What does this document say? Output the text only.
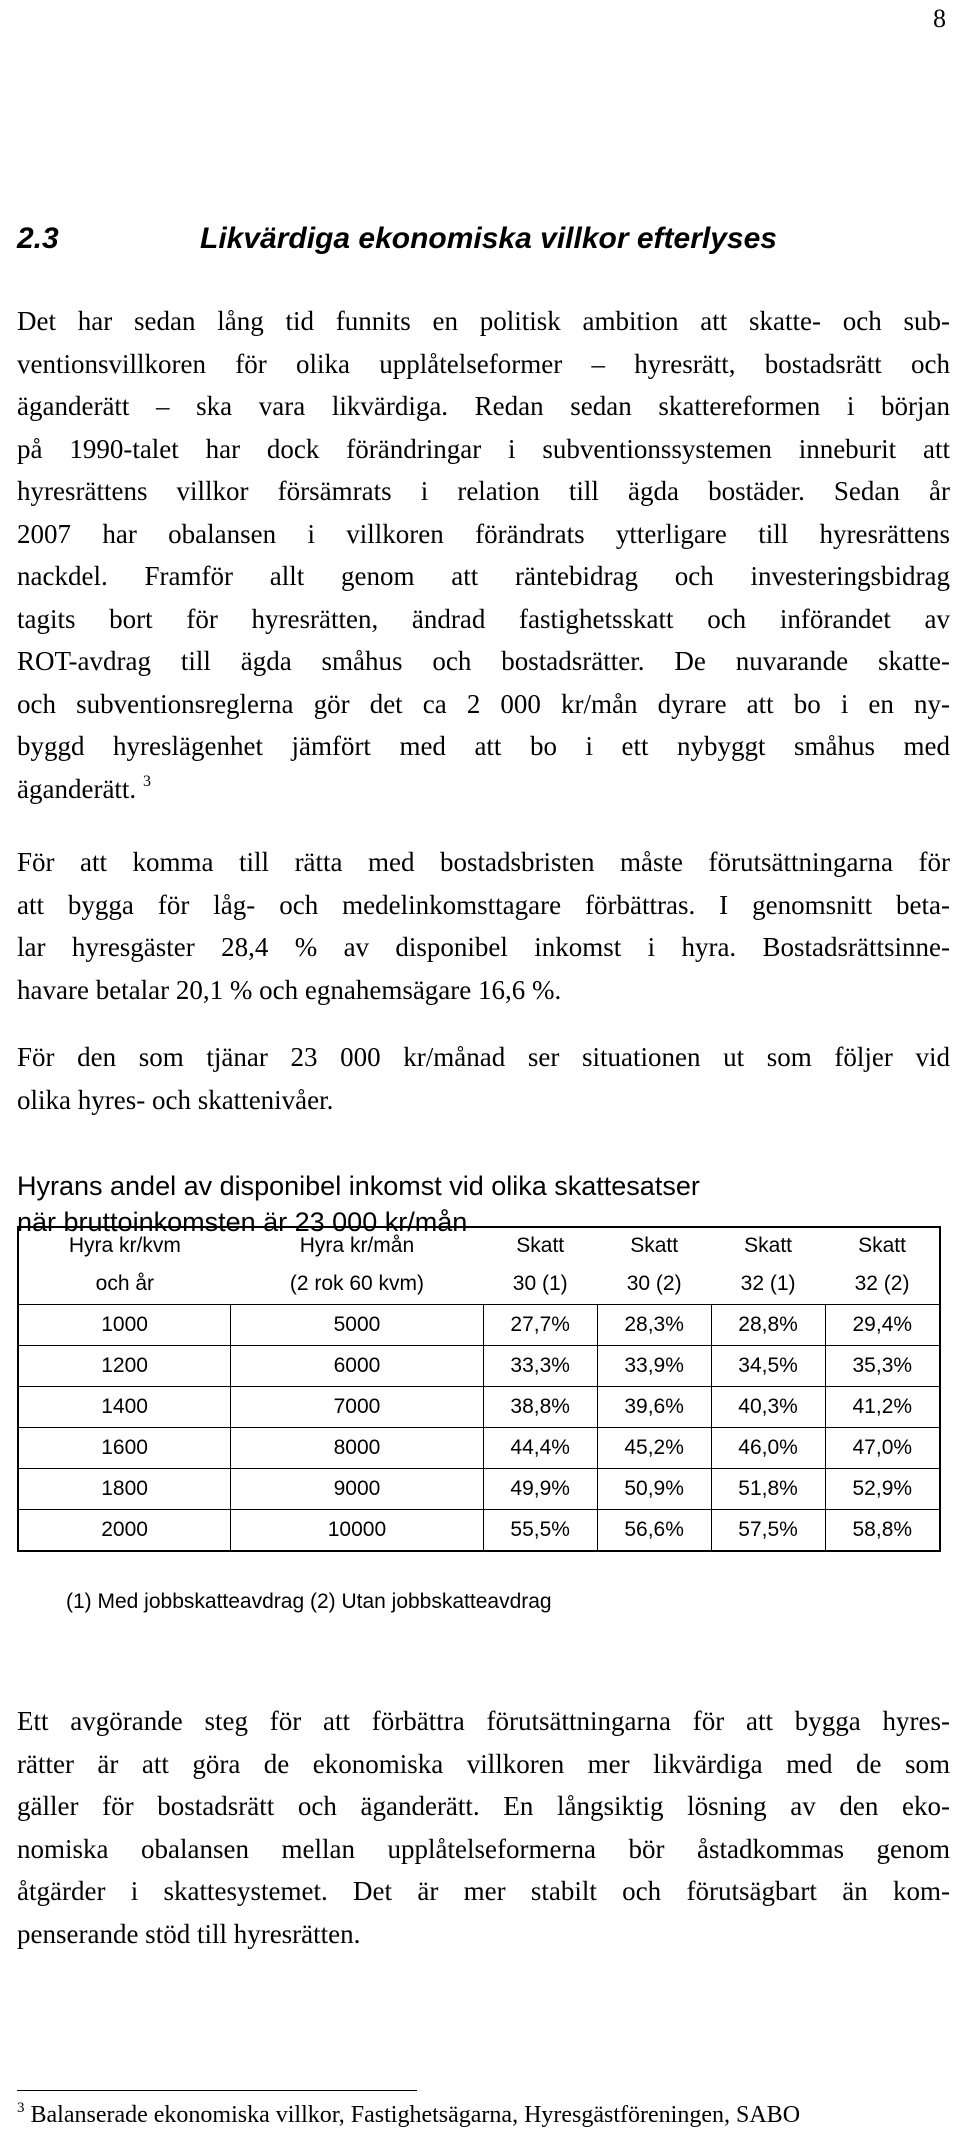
8
2.3	Likvärdiga ekonomiska villkor efterlyses
Det har sedan lång tid funnits en politisk ambition att skatte- och sub-
ventionsvillkoren för olika upplåtelseformer – hyresrätt, bostadsrätt och
äganderätt – ska vara likvärdiga. Redan sedan skattereformen i början
på 1990-talet har dock förändringar i subventionssystemen inneburit att
hyresrättens villkor försämrats i relation till ägda bostäder. Sedan år
2007 har obalansen i villkoren förändrats ytterligare till hyresrättens
nackdel. Framför allt genom att räntebidrag och investeringsbidrag
tagits bort för hyresrätten, ändrad fastighetsskatt och införandet av
ROT-avdrag till ägda småhus och bostadsrätter. De nuvarande skatte-
och subventionsreglerna gör det ca 2 000 kr/mån dyrare att bo i en ny-
byggd hyreslägenhet jämfört med att bo i ett nybyggt småhus med
äganderätt. $^3$
För att komma till rätta med bostadsbristen måste förutsättningarna för
att bygga för låg- och medelinkomsttagare förbättras. I genomsnitt beta-
lar hyresgäster 28,4 % av disponibel inkomst i hyra. Bostadsrättsinne-
havare betalar 20,1 % och egnahemsägare 16,6 %.
För den som tjänar 23 000 kr/månad ser situationen ut som följer vid
olika hyres- och skattenivåer.
Hyrans andel av disponibel inkomst vid olika skattesatser
när bruttoinkomsten är 23 000 kr/mån
Hyra kr/kvm	Hyra kr/mån	Skatt	Skatt	Skatt	Skatt
och år	(2 rok 60 kvm)	30 (1)	30 (2)	32 (1)	32 (2)
1000	5000	27,7%	28,3%	28,8%	29,4%
1200	6000	33,3%	33,9%	34,5%	35,3%
1400	7000	38,8%	39,6%	40,3%	41,2%
1600	8000	44,4%	45,2%	46,0%	47,0%
1800	9000	49,9%	50,9%	51,8%	52,9%
2000	10000	55,5%	56,6%	57,5%	58,8%
(1) Med jobbskatteavdrag (2) Utan jobbskatteavdrag
Ett avgörande steg för att förbättra förutsättningarna för att bygga hyres-
rätter är att göra de ekonomiska villkoren mer likvärdiga med de som
gäller för bostadsrätt och äganderätt. En långsiktig lösning av den eko-
nomiska obalansen mellan upplåtelseformerna bör åstadkommas genom
åtgärder i skattesystemet. Det är mer stabilt och förutsägbart än kom-
penserande stöd till hyresrätten.
$^3$ Balanserade ekonomiska villkor, Fastighetsägarna, Hyresgästföreningen, SABO
